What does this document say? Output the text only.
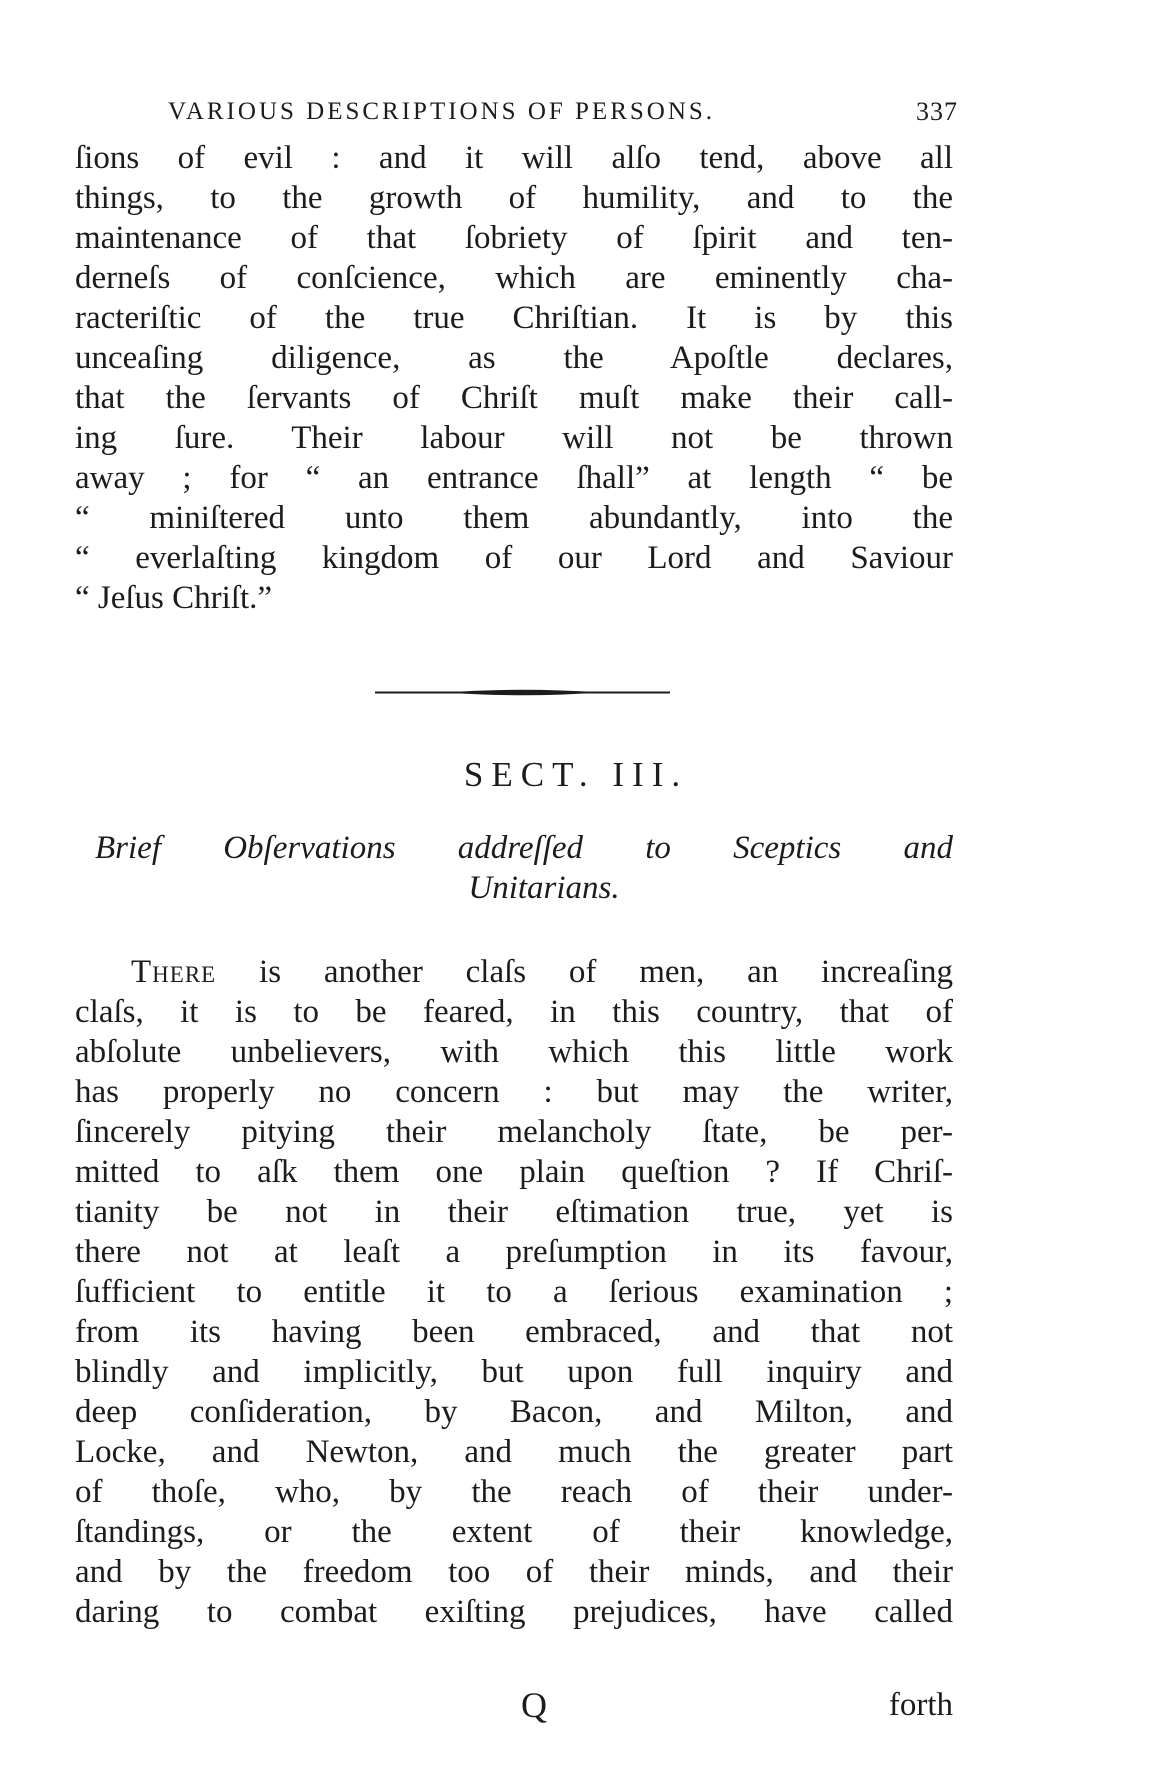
VARIOUS DESCRIPTIONS OF PERSONS.	337
ſions of evil : and it will alſo tend, above all
things, to the growth of humility, and to the
maintenance of that ſobriety of ſpirit and ten-
derneſs of conſcience, which are eminently cha-
racteriſtic of the true Chriſtian. It is by this
unceaſing diligence, as the Apoſtle declares,
that the ſervants of Chriſt muſt make their call-
ing ſure. Their labour will not be thrown
away ; for “ an entrance ſhall” at length “ be
“ miniſtered unto them abundantly, into the
“ everlaſting kingdom of our Lord and Saviour
“ Jeſus Chriſt.”
SECT. III.
Brief Obſervations addreſſed to Sceptics and
Unitarians.
There is another claſs of men, an increaſing
claſs, it is to be feared, in this country, that of
abſolute unbelievers, with which this little work
has properly no concern : but may the writer,
ſincerely pitying their melancholy ſtate, be per-
mitted to aſk them one plain queſtion ? If Chriſ-
tianity be not in their eſtimation true, yet is
there not at leaſt a preſumption in its favour,
ſufficient to entitle it to a ſerious examination ;
from its having been embraced, and that not
blindly and implicitly, but upon full inquiry and
deep conſideration, by Bacon, and Milton, and
Locke, and Newton, and much the greater part
of thoſe, who, by the reach of their under-
ſtandings, or the extent of their knowledge,
and by the freedom too of their minds, and their
daring to combat exiſting prejudices, have called
Q	forth
